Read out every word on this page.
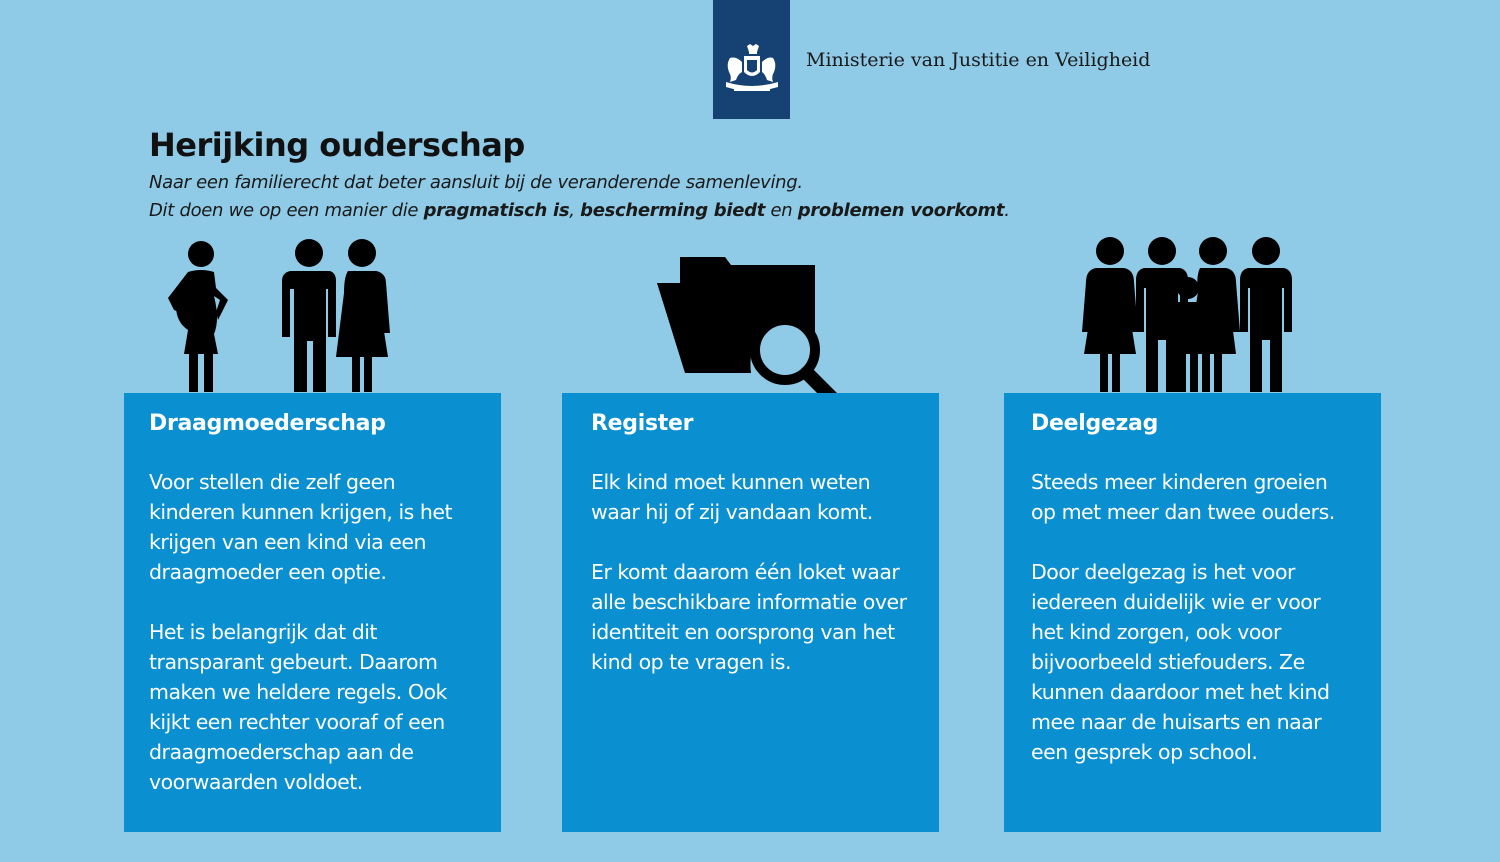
Ministerie van Justitie en Veiligheid
Herijking ouderschap
Naar een familierecht dat beter aansluit bij de veranderende samenleving.
Dit doen we op een manier die pragmatisch is, bescherming biedt en problemen voorkomt.
Draagmoederschap

Voor stellen die zelf geen kinderen kunnen krijgen, is het krijgen van een kind via een draagmoeder een optie.

Het is belangrijk dat dit transparant gebeurt. Daarom maken we heldere regels. Ook kijkt een rechter vooraf of een draagmoederschap aan de voorwaarden voldoet.

Register

Elk kind moet kunnen weten waar hij of zij vandaan komt.

Er komt daarom één loket waar alle beschikbare informatie over identiteit en oorsprong van het kind op te vragen is.

Deelgezag

Steeds meer kinderen groeien op met meer dan twee ouders.

Door deelgezag is het voor iedereen duidelijk wie er voor het kind zorgen, ook voor bijvoorbeeld stiefouders. Ze kunnen daardoor met het kind mee naar de huisarts en naar een gesprek op school.
